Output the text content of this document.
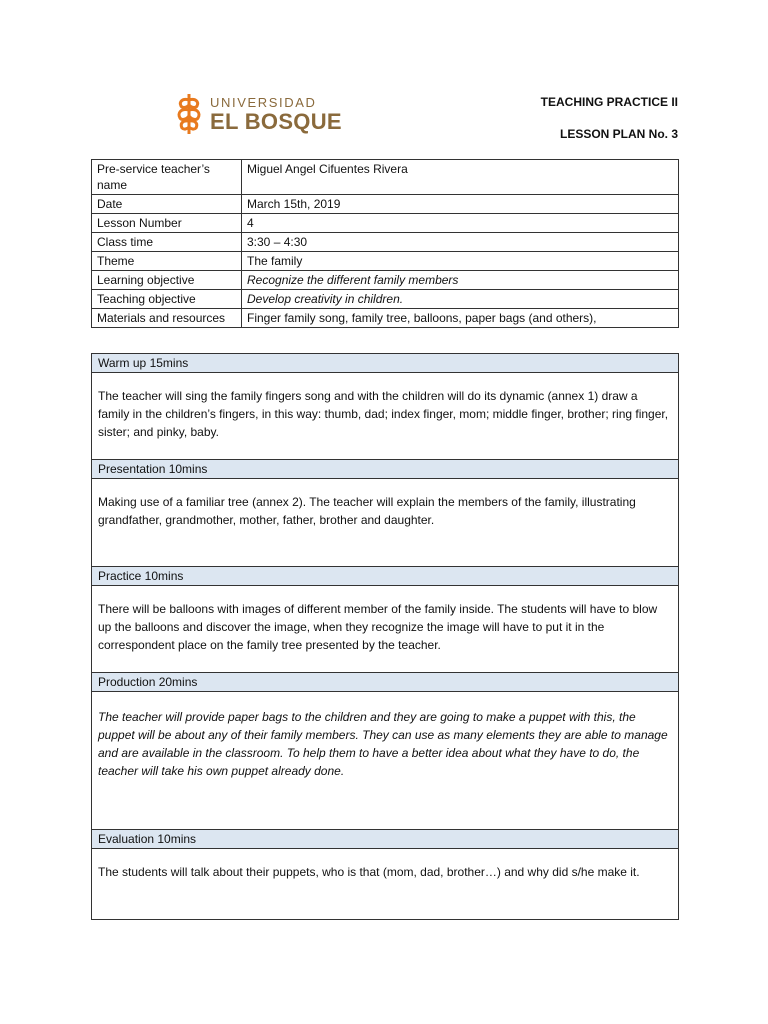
UNIVERSIDAD
EL BOSQUE
TEACHING PRACTICE II
LESSON PLAN No. 3
Pre-service teacher’s name	Miguel Angel Cifuentes Rivera
Date	March 15th, 2019
Lesson Number	4
Class time	3:30 – 4:30
Theme	The family
Learning objective	Recognize the different family members
Teaching objective	Develop creativity in children.
Materials and resources	Finger family song, family tree, balloons, paper bags (and others),
Warm up 15mins
The teacher will sing the family fingers song and with the children will do its dynamic (annex 1) draw a family in the children’s fingers, in this way: thumb, dad; index finger, mom; middle finger, brother; ring finger, sister; and pinky, baby.
Presentation 10mins
Making use of a familiar tree (annex 2). The teacher will explain the members of the family, illustrating grandfather, grandmother, mother, father, brother and daughter.
Practice 10mins
There will be balloons with images of different member of the family inside. The students will have to blow up the balloons and discover the image, when they recognize the image will have to put it in the correspondent place on the family tree presented by the teacher.
Production 20mins
The teacher will provide paper bags to the children and they are going to make a puppet with this, the puppet will be about any of their family members. They can use as many elements they are able to manage and are available in the classroom. To help them to have a better idea about what they have to do, the teacher will take his own puppet already done.
Evaluation 10mins
The students will talk about their puppets, who is that (mom, dad, brother…) and why did s/he make it.
